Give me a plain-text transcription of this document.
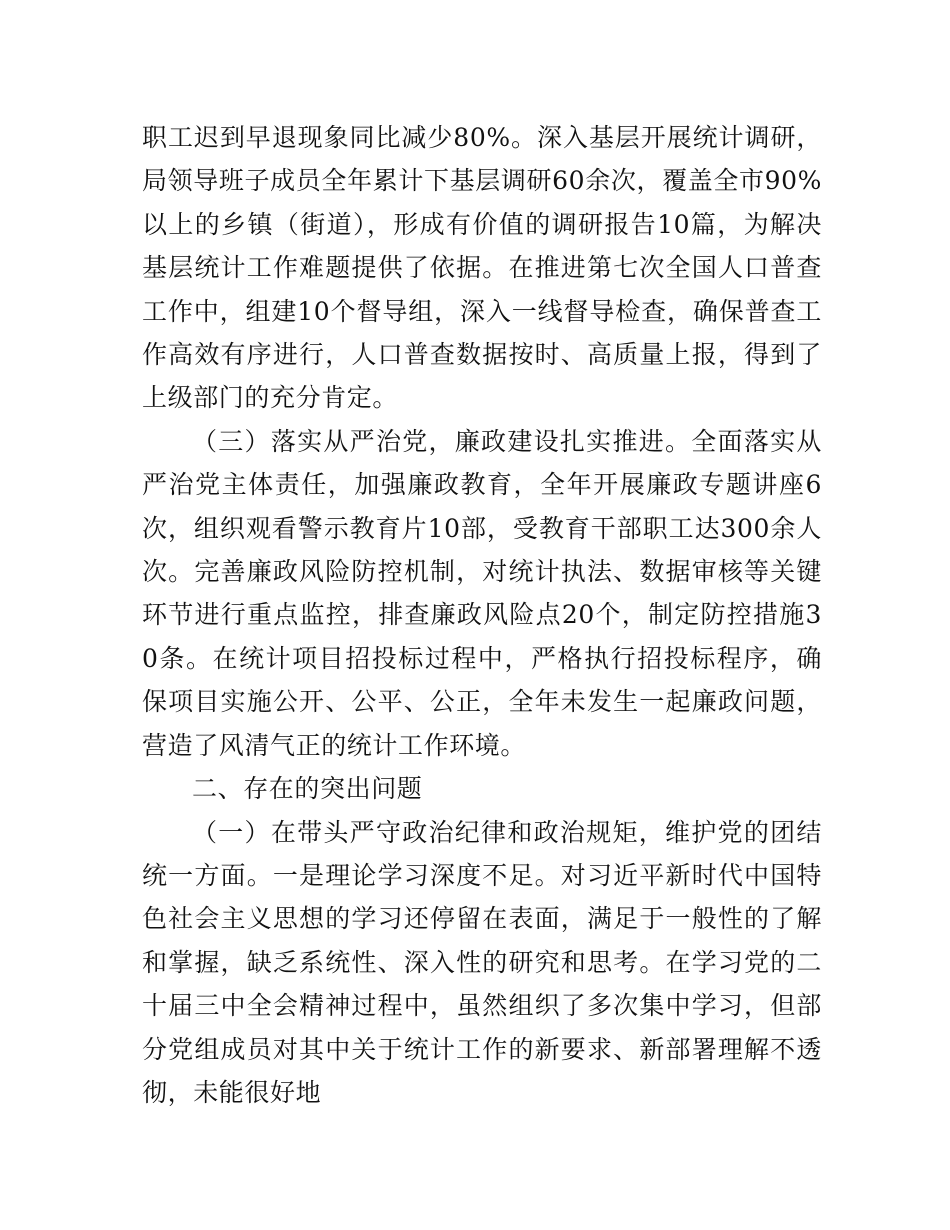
职工迟到早退现象同比减少80%。深入基层开展统计调研，局领导班子成员全年累计下基层调研60余次，覆盖全市90%以上的乡镇（街道），形成有价值的调研报告10篇，为解决基层统计工作难题提供了依据。在推进第七次全国人口普查工作中，组建10个督导组，深入一线督导检查，确保普查工作高效有序进行，人口普查数据按时、高质量上报，得到了上级部门的充分肯定。

（三）落实从严治党，廉政建设扎实推进。全面落实从严治党主体责任，加强廉政教育，全年开展廉政专题讲座6次，组织观看警示教育片10部，受教育干部职工达300余人次。完善廉政风险防控机制，对统计执法、数据审核等关键环节进行重点监控，排查廉政风险点20个，制定防控措施30条。在统计项目招投标过程中，严格执行招投标程序，确保项目实施公开、公平、公正，全年未发生一起廉政问题，营造了风清气正的统计工作环境。

二、存在的突出问题

（一）在带头严守政治纪律和政治规矩，维护党的团结统一方面。一是理论学习深度不足。对习近平新时代中国特色社会主义思想的学习还停留在表面，满足于一般性的了解和掌握，缺乏系统性、深入性的研究和思考。在学习党的二十届三中全会精神过程中，虽然组织了多次集中学习，但部分党组成员对其中关于统计工作的新要求、新部署理解不透彻，未能很好地
